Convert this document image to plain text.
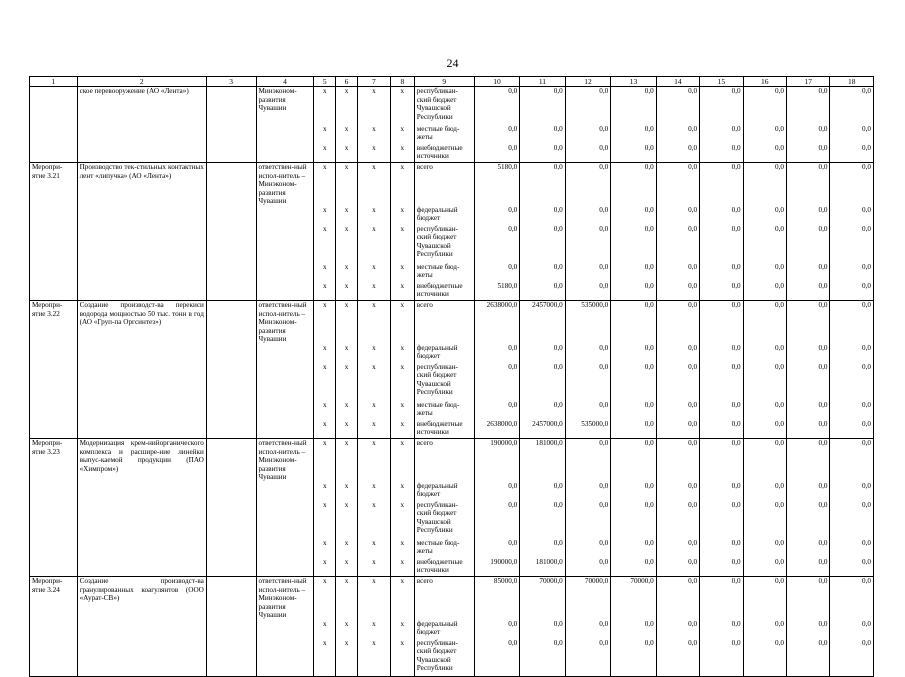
24
1	2	3	4	5	6	7	8	9	10	11	12	13	14	15	16	17	18
	ское перевооружение (АО «Лента»)		Минэконом-развития Чувашии	x	x	x	x	республикан-ский бюджет Чувашской Республики	0,0	0,0	0,0	0,0	0,0	0,0	0,0	0,0	0,0
				x	x	x	x	местные бюд-жеты	0,0	0,0	0,0	0,0	0,0	0,0	0,0	0,0	0,0
				x	x	x	x	внебюджетные источники	0,0	0,0	0,0	0,0	0,0	0,0	0,0	0,0	0,0
Меропри-ятие 3.21	Производство тек-стильных контактных лент «липучка» (АО «Лента»)		ответствен-ный испол-нитель – Минэконом-развития Чувашии	x	x	x	x	всего	5180,0	0,0	0,0	0,0	0,0	0,0	0,0	0,0	0,0
				x	x	x	x	федеральный бюджет	0,0	0,0	0,0	0,0	0,0	0,0	0,0	0,0	0,0
				x	x	x	x	республикан-ский бюджет Чувашской Республики	0,0	0,0	0,0	0,0	0,0	0,0	0,0	0,0	0,0
				x	x	x	x	местные бюд-жеты	0,0	0,0	0,0	0,0	0,0	0,0	0,0	0,0	0,0
				x	x	x	x	внебюджетные источники	5180,0	0,0	0,0	0,0	0,0	0,0	0,0	0,0	0,0
Меропри-ятие 3.22	Создание производст-ва перекиси водорода мощностью 50 тыс. тонн в год (АО «Груп-па Оргсинтез»)		ответствен-ный испол-нитель – Минэконом-развития Чувашии	x	x	x	x	всего	2638000,0	2457000,0	535000,0	0,0	0,0	0,0	0,0	0,0	0,0
				x	x	x	x	федеральный бюджет	0,0	0,0	0,0	0,0	0,0	0,0	0,0	0,0	0,0
				x	x	x	x	республикан-ский бюджет Чувашской Республики	0,0	0,0	0,0	0,0	0,0	0,0	0,0	0,0	0,0
				x	x	x	x	местные бюд-жеты	0,0	0,0	0,0	0,0	0,0	0,0	0,0	0,0	0,0
				x	x	x	x	внебюджетные источники	2638000,0	2457000,0	535000,0	0,0	0,0	0,0	0,0	0,0	0,0
Меропри-ятие 3.23	Модернизация крем-нийорганического комплекса и расшире-ние линейки выпус-каемой продукции (ПАО «Химпром»)		ответствен-ный испол-нитель – Минэконом-развития Чувашии	x	x	x	x	всего	190000,0	181000,0	0,0	0,0	0,0	0,0	0,0	0,0	0,0
				x	x	x	x	федеральный бюджет	0,0	0,0	0,0	0,0	0,0	0,0	0,0	0,0	0,0
				x	x	x	x	республикан-ский бюджет Чувашской Республики	0,0	0,0	0,0	0,0	0,0	0,0	0,0	0,0	0,0
				x	x	x	x	местные бюд-жеты	0,0	0,0	0,0	0,0	0,0	0,0	0,0	0,0	0,0
				x	x	x	x	внебюджетные источники	190000,0	181000,0	0,0	0,0	0,0	0,0	0,0	0,0	0,0
Меропри-ятие 3.24	Создание производст-ва гранулированных коагулянтов (ООО «Аурат-СВ»)		ответствен-ный испол-нитель – Минэконом-развития Чувашии	x	x	x	x	всего	85000,0	70000,0	70000,0	70000,0	0,0	0,0	0,0	0,0	0,0
				x	x	x	x	федеральный бюджет	0,0	0,0	0,0	0,0	0,0	0,0	0,0	0,0	0,0
				x	x	x	x	республикан-ский бюджет Чувашской Республики	0,0	0,0	0,0	0,0	0,0	0,0	0,0	0,0	0,0
